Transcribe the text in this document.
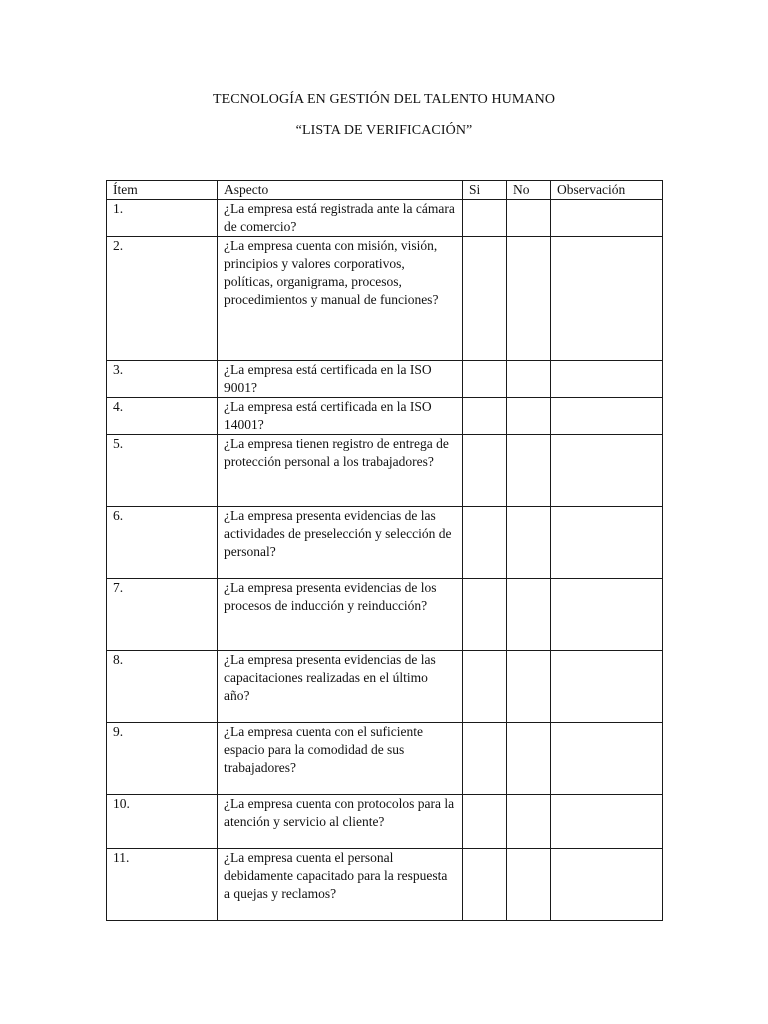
TECNOLOGÍA EN GESTIÓN DEL TALENTO HUMANO
“LISTA DE VERIFICACIÓN”
Ítem	Aspecto	Si	No	Observación
1.	¿La empresa está registrada ante la cámara de comercio?			
2.	¿La empresa cuenta con misión, visión, principios y valores corporativos, políticas, organigrama, procesos, procedimientos y manual de funciones?			
3.	¿La empresa está certificada en la ISO 9001?			
4.	¿La empresa está certificada en la ISO 14001?			
5.	¿La empresa tienen registro de entrega de protección personal a los trabajadores?			
6.	¿La empresa presenta evidencias de las actividades de preselección y selección de personal?			
7.	¿La empresa presenta evidencias de los procesos de inducción y reinducción?			
8.	¿La empresa presenta evidencias de las capacitaciones realizadas en el último año?			
9.	¿La empresa cuenta con el suficiente espacio para la comodidad de sus trabajadores?			
10.	¿La empresa cuenta con protocolos para la atención y servicio al cliente?			
11.	¿La empresa cuenta el personal debidamente capacitado para la respuesta a quejas y reclamos?			
